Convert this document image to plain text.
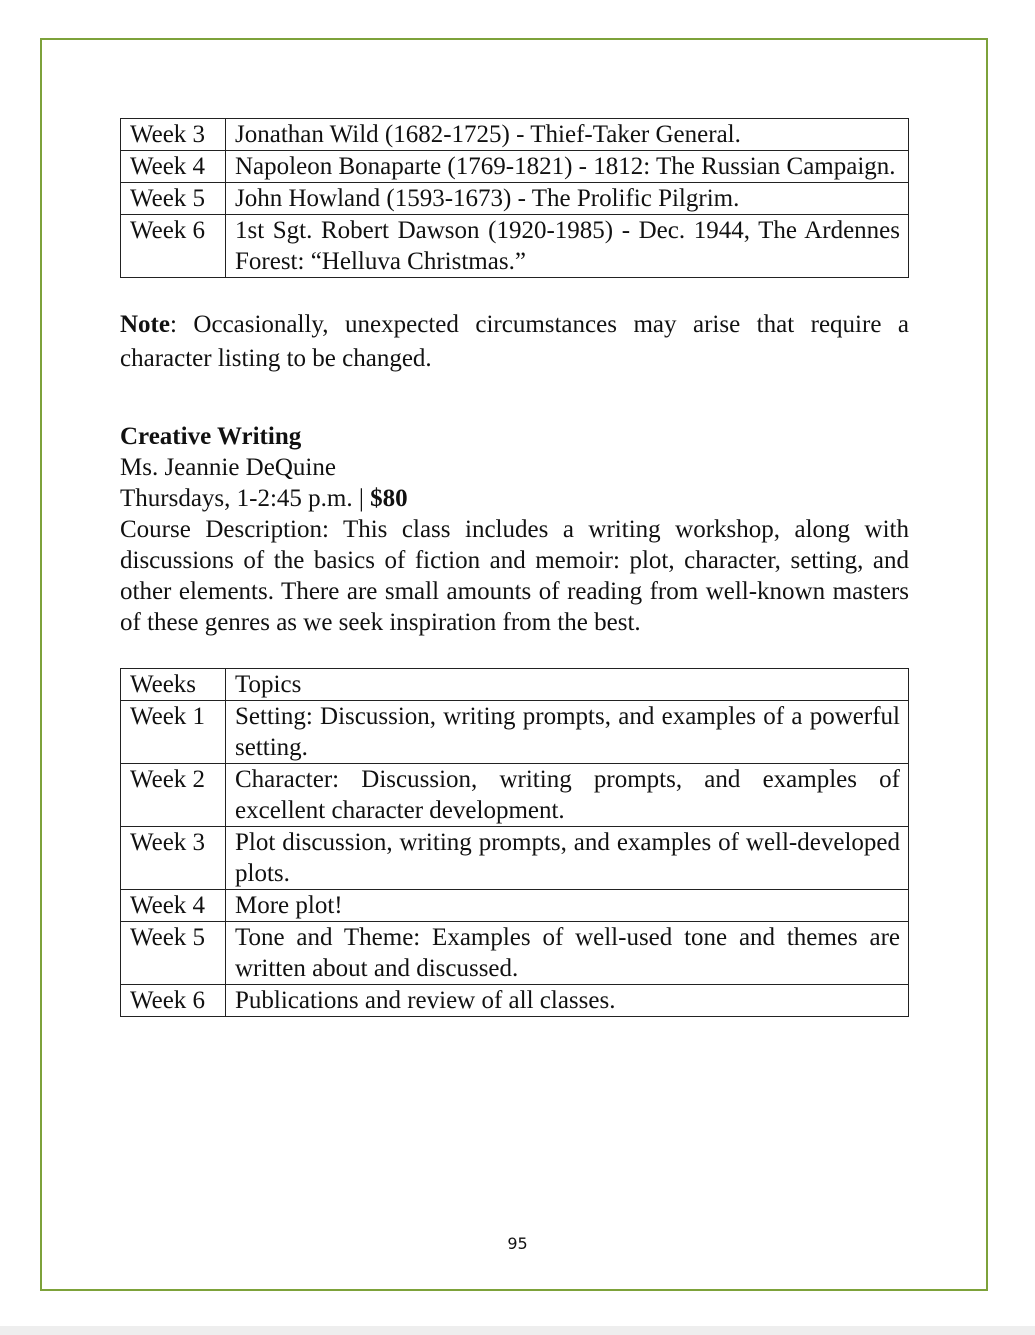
Week 3	Jonathan Wild (1682-1725) - Thief-Taker General.
Week 4	Napoleon Bonaparte (1769-1821) - 1812: The Russian Campaign.
Week 5	John Howland (1593-1673) - The Prolific Pilgrim.
Week 6	1st Sgt. Robert Dawson (1920-1985) - Dec. 1944, The Ardennes Forest: “Helluva Christmas.”

Note: Occasionally, unexpected circumstances may arise that require a character listing to be changed.

Creative Writing
Ms. Jeannie DeQuine
Thursdays, 1-2:45 p.m. | $80
Course Description: This class includes a writing workshop, along with discussions of the basics of fiction and memoir: plot, character, setting, and other elements. There are small amounts of reading from well-known masters of these genres as we seek inspiration from the best.
Weeks	Topics
Week 1	Setting: Discussion, writing prompts, and examples of a powerful setting.
Week 2	Character: Discussion, writing prompts, and examples of excellent character development.
Week 3	Plot discussion, writing prompts, and examples of well-developed plots.
Week 4	More plot!
Week 5	Tone and Theme: Examples of well-used tone and themes are written about and discussed.
Week 6	Publications and review of all classes.
95
